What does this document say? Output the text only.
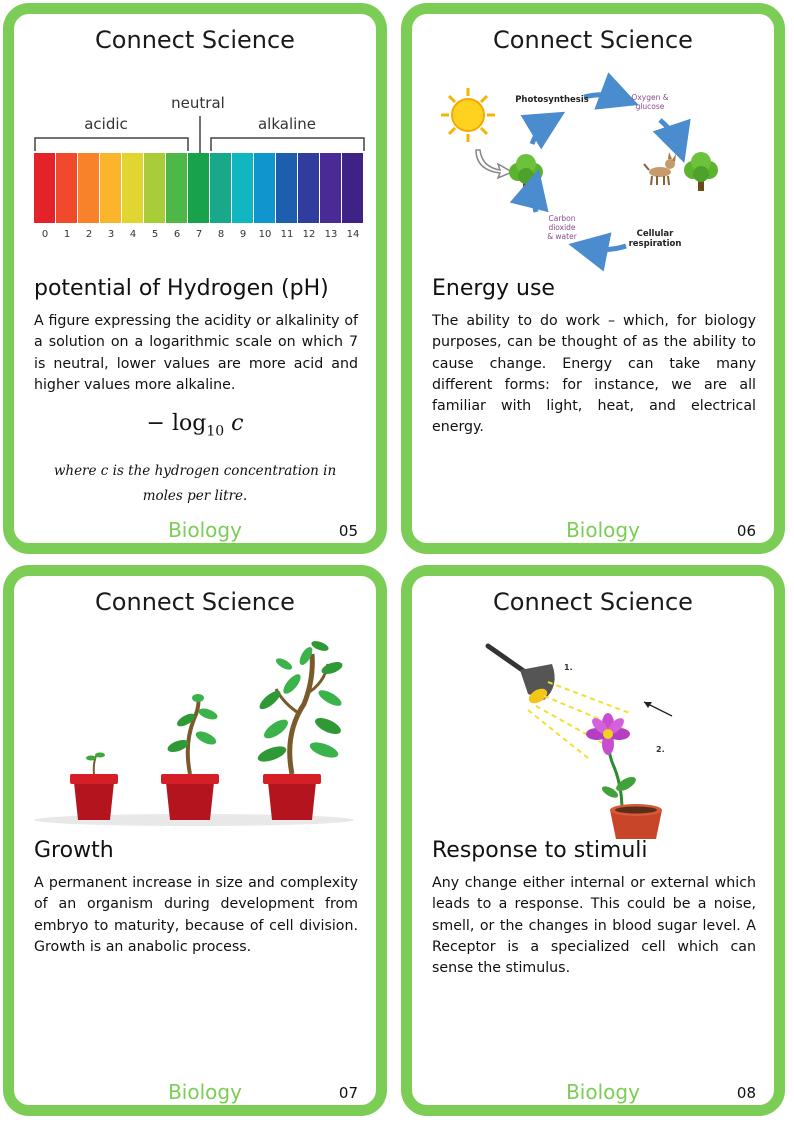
Connect Science
acidic
neutral
alkaline
0 1 2 3 4 5 6 7 8 9 10 11 12 13 14
potential of Hydrogen (pH)
A figure expressing the acidity or alkalinity of a solution on a logarithmic scale on which 7 is neutral, lower values are more acid and higher values more alkaline.
− $\log_{10} c$
where c is the hydrogen concentration in
moles per litre.
Biology	05
Connect Science
Photosynthesis	Oxygen &
glucose
Cellular
respiration
Carbon
dioxide
& water
Energy use
The ability to do work – which, for biology purposes, can be thought of as the ability to cause change. Energy can take many different forms: for instance, we are all familiar with light, heat, and electrical energy.
Biology	06
Connect Science
Growth
A permanent increase in size and complexity of an organism during development from embryo to maturity, because of cell division. Growth is an anabolic process.
Biology	07
Connect Science
1.
2.
Response to stimuli
Any change either internal or external which leads to a response. This could be a noise, smell, or the changes in blood sugar level. A Receptor is a specialized cell which can sense the stimulus.
Biology	08
